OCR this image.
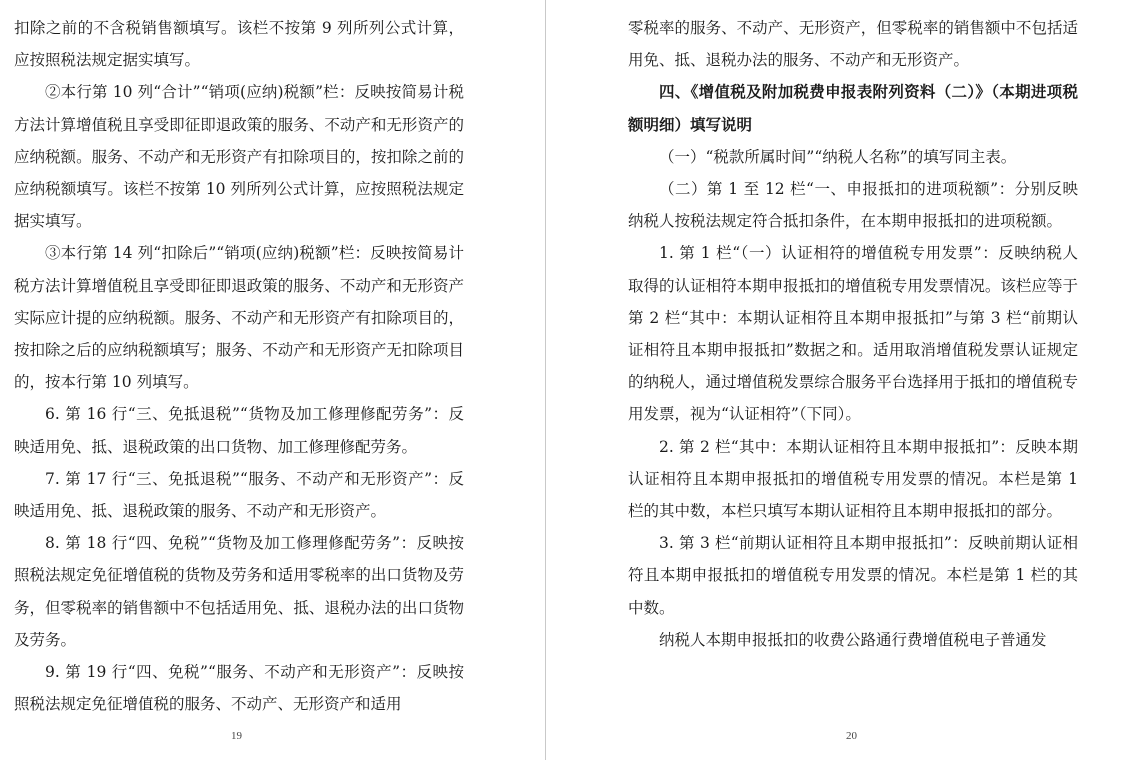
扣除之前的不含税销售额填写。该栏不按第 9 列所列公式计算，应按照税法规定据实填写。

②本行第 10 列“合计”“销项(应纳)税额”栏：反映按简易计税方法计算增值税且享受即征即退政策的服务、不动产和无形资产的应纳税额。服务、不动产和无形资产有扣除项目的，按扣除之前的应纳税额填写。该栏不按第 10 列所列公式计算，应按照税法规定据实填写。

③本行第 14 列“扣除后”“销项(应纳)税额”栏：反映按简易计税方法计算增值税且享受即征即退政策的服务、不动产和无形资产实际应计提的应纳税额。服务、不动产和无形资产有扣除项目的，按扣除之后的应纳税额填写；服务、不动产和无形资产无扣除项目的，按本行第 10 列填写。

6. 第 16 行“三、免抵退税”“货物及加工修理修配劳务”：反映适用免、抵、退税政策的出口货物、加工修理修配劳务。

7. 第 17 行“三、免抵退税”“服务、不动产和无形资产”：反映适用免、抵、退税政策的服务、不动产和无形资产。

8. 第 18 行“四、免税”“货物及加工修理修配劳务”：反映按照税法规定免征增值税的货物及劳务和适用零税率的出口货物及劳务，但零税率的销售额中不包括适用免、抵、退税办法的出口货物及劳务。

9. 第 19 行“四、免税”“服务、不动产和无形资产”：反映按照税法规定免征增值税的服务、不动产、无形资产和适用

19

零税率的服务、不动产、无形资产，但零税率的销售额中不包括适用免、抵、退税办法的服务、不动产和无形资产。

四、《增值税及附加税费申报表附列资料（二）》（本期进项税额明细）填写说明

（一）“税款所属时间”“纳税人名称”的填写同主表。

（二）第 1 至 12 栏“一、申报抵扣的进项税额”：分别反映纳税人按税法规定符合抵扣条件，在本期申报抵扣的进项税额。

1. 第 1 栏“（一）认证相符的增值税专用发票”：反映纳税人取得的认证相符本期申报抵扣的增值税专用发票情况。该栏应等于第 2 栏“其中：本期认证相符且本期申报抵扣”与第 3 栏“前期认证相符且本期申报抵扣”数据之和。适用取消增值税发票认证规定的纳税人，通过增值税发票综合服务平台选择用于抵扣的增值税专用发票，视为“认证相符”（下同）。

2. 第 2 栏“其中：本期认证相符且本期申报抵扣”：反映本期认证相符且本期申报抵扣的增值税专用发票的情况。本栏是第 1 栏的其中数，本栏只填写本期认证相符且本期申报抵扣的部分。

3. 第 3 栏“前期认证相符且本期申报抵扣”：反映前期认证相符且本期申报抵扣的增值税专用发票的情况。本栏是第 1 栏的其中数。

纳税人本期申报抵扣的收费公路通行费增值税电子普通发

20
